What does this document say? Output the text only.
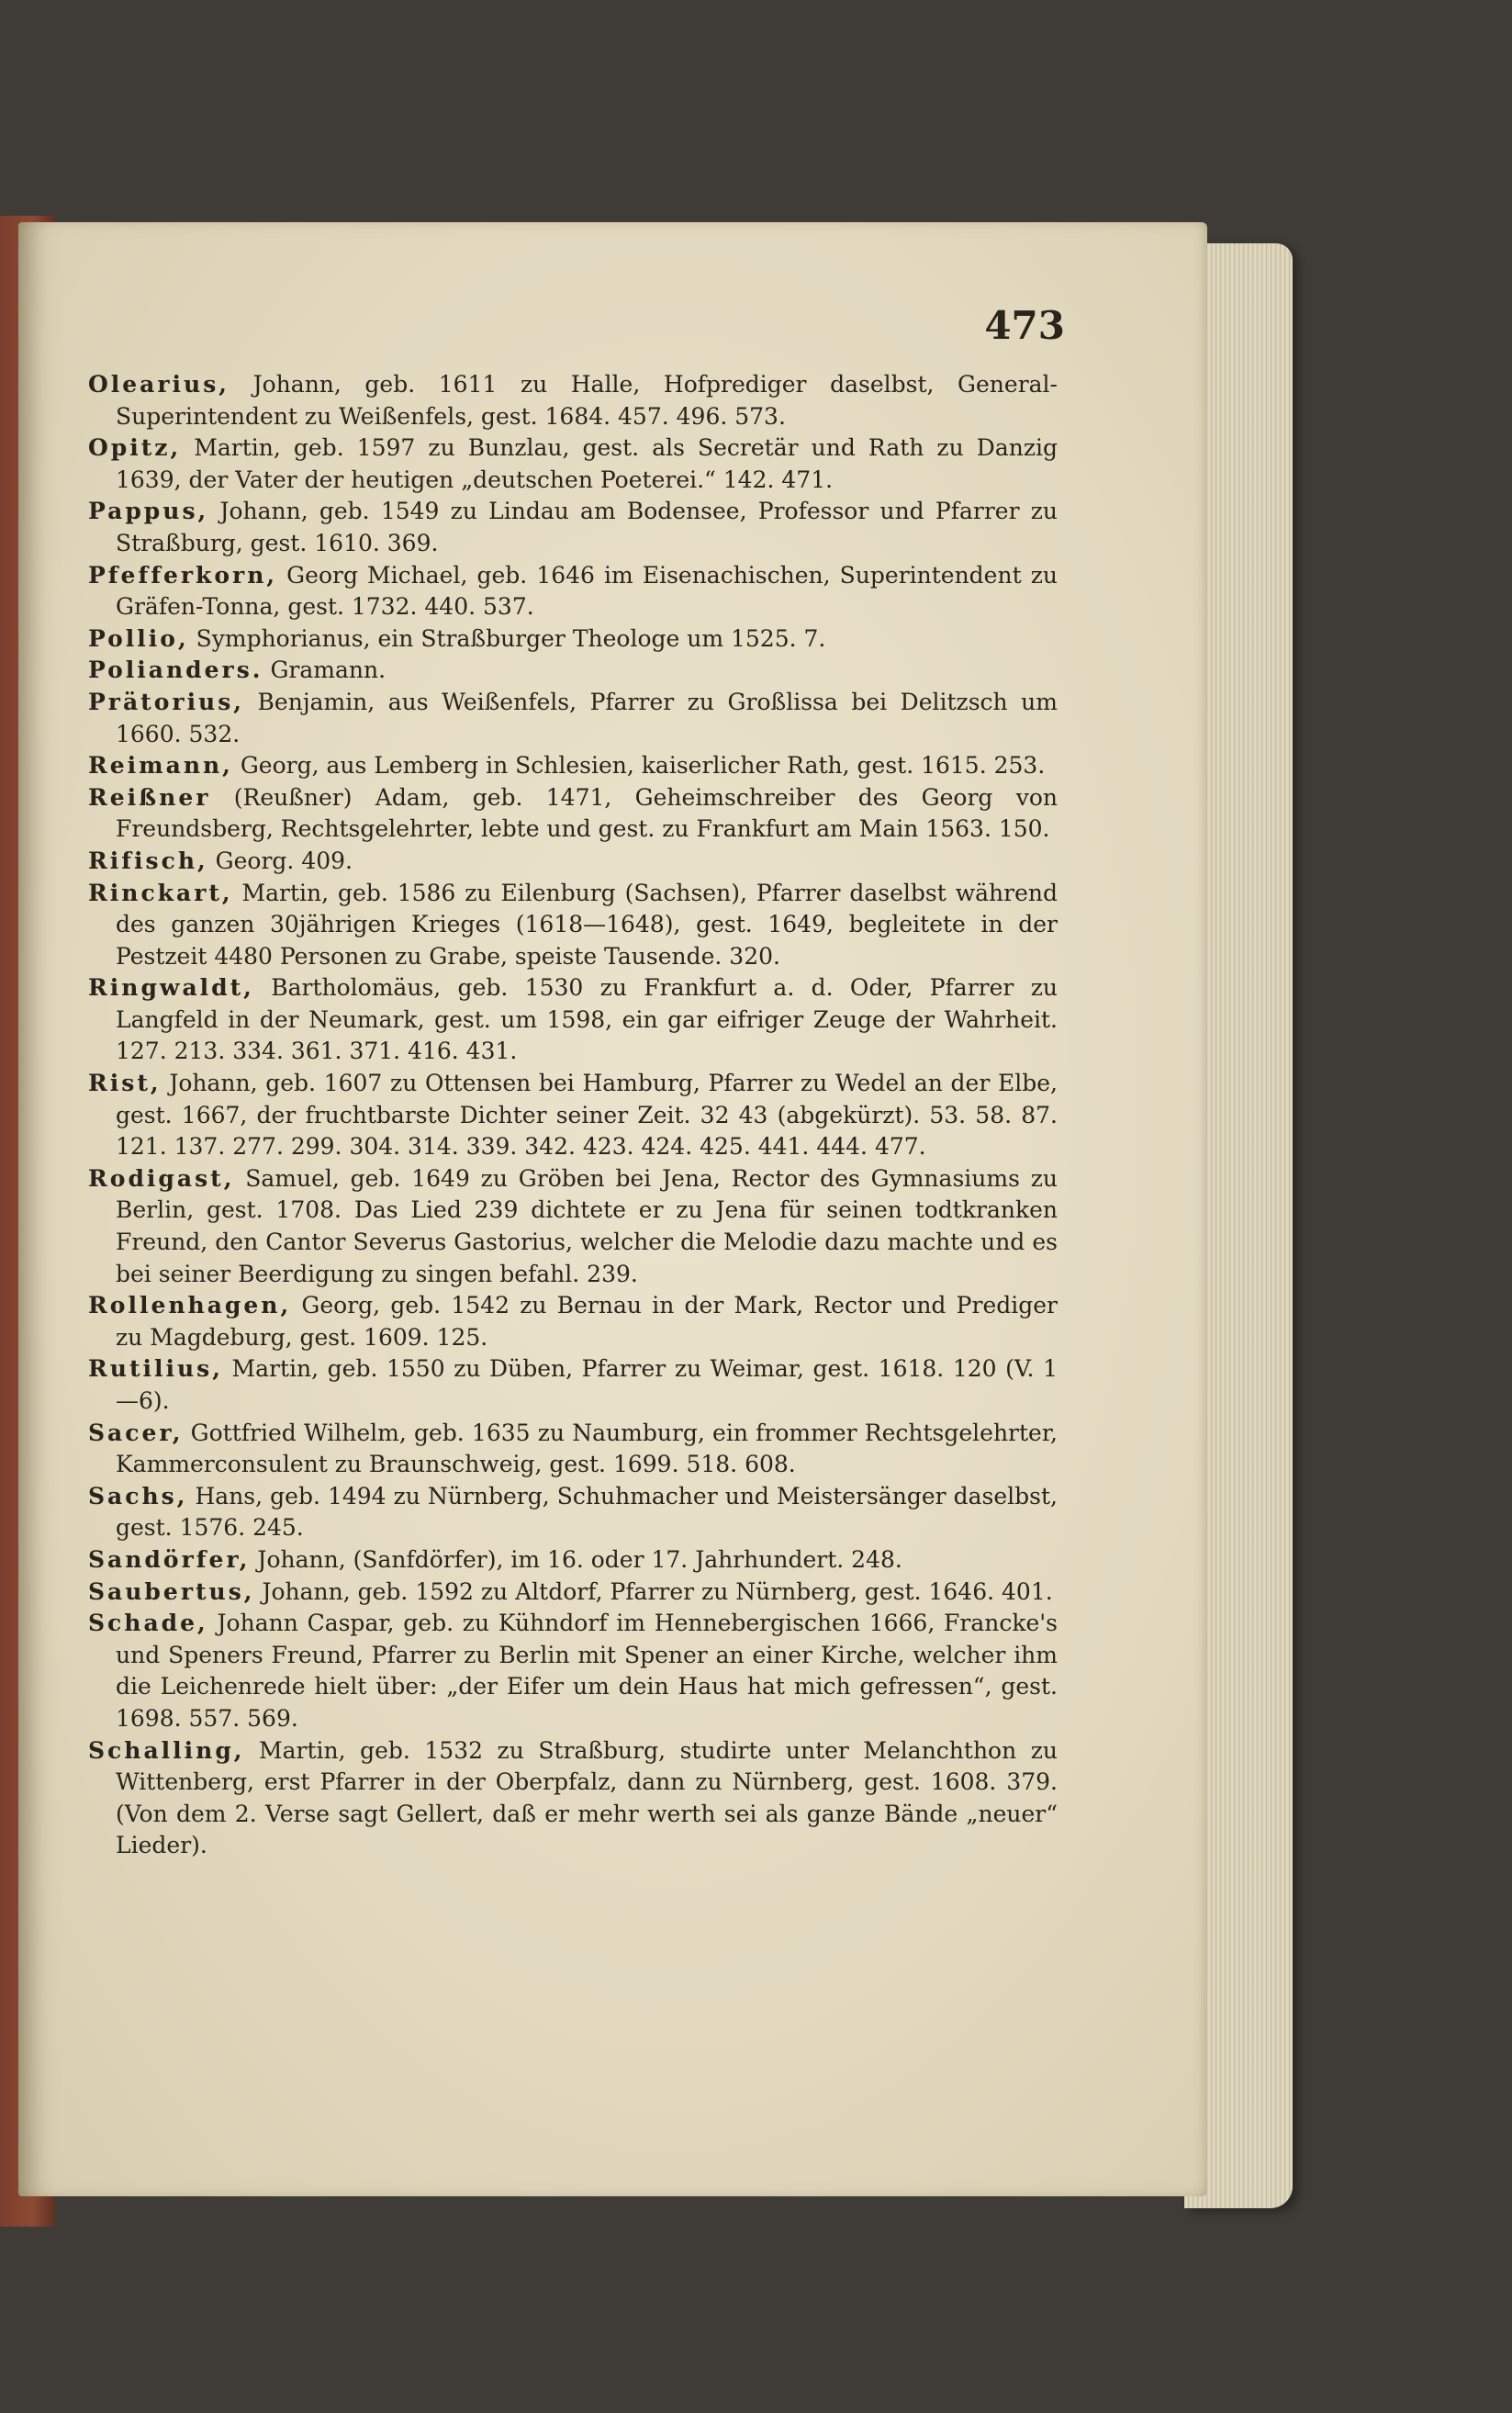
473

Olearius, Johann, geb. 1611 zu Halle, Hofprediger daselbst, General-Superintendent zu Weißenfels, gest. 1684. 457. 496. 573.

Opitz, Martin, geb. 1597 zu Bunzlau, gest. als Secretär und Rath zu Danzig 1639, der Vater der heutigen „deutschen Poeterei.“ 142. 471.

Pappus, Johann, geb. 1549 zu Lindau am Bodensee, Professor und Pfarrer zu Straßburg, gest. 1610. 369.

Pfefferkorn, Georg Michael, geb. 1646 im Eisenachischen, Superintendent zu Gräfen-Tonna, gest. 1732. 440. 537.

Pollio, Symphorianus, ein Straßburger Theologe um 1525. 7.

Polianders. Gramann.

Prätorius, Benjamin, aus Weißenfels, Pfarrer zu Großlissa bei Delitzsch um 1660. 532.

Reimann, Georg, aus Lemberg in Schlesien, kaiserlicher Rath, gest. 1615. 253.

Reißner (Reußner) Adam, geb. 1471, Geheimschreiber des Georg von Freundsberg, Rechtsgelehrter, lebte und gest. zu Frankfurt am Main 1563. 150.

Rifisch, Georg. 409.

Rinckart, Martin, geb. 1586 zu Eilenburg (Sachsen), Pfarrer daselbst während des ganzen 30jährigen Krieges (1618—1648), gest. 1649, begleitete in der Pestzeit 4480 Personen zu Grabe, speiste Tausende. 320.

Ringwaldt, Bartholomäus, geb. 1530 zu Frankfurt a. d. Oder, Pfarrer zu Langfeld in der Neumark, gest. um 1598, ein gar eifriger Zeuge der Wahrheit. 127. 213. 334. 361. 371. 416. 431.

Rist, Johann, geb. 1607 zu Ottensen bei Hamburg, Pfarrer zu Wedel an der Elbe, gest. 1667, der fruchtbarste Dichter seiner Zeit. 32 43 (abgekürzt). 53. 58. 87. 121. 137. 277. 299. 304. 314. 339. 342. 423. 424. 425. 441. 444. 477.

Rodigast, Samuel, geb. 1649 zu Gröben bei Jena, Rector des Gymnasiums zu Berlin, gest. 1708. Das Lied 239 dichtete er zu Jena für seinen todtkranken Freund, den Cantor Severus Gastorius, welcher die Melodie dazu machte und es bei seiner Beerdigung zu singen befahl. 239.

Rollenhagen, Georg, geb. 1542 zu Bernau in der Mark, Rector und Prediger zu Magdeburg, gest. 1609. 125.

Rutilius, Martin, geb. 1550 zu Düben, Pfarrer zu Weimar, gest. 1618. 120 (V. 1—6).

Sacer, Gottfried Wilhelm, geb. 1635 zu Naumburg, ein frommer Rechtsgelehrter, Kammerconsulent zu Braunschweig, gest. 1699. 518. 608.

Sachs, Hans, geb. 1494 zu Nürnberg, Schuhmacher und Meistersänger daselbst, gest. 1576. 245.

Sandörfer, Johann, (Sanfdörfer), im 16. oder 17. Jahrhundert. 248.

Saubertus, Johann, geb. 1592 zu Altdorf, Pfarrer zu Nürnberg, gest. 1646. 401.

Schade, Johann Caspar, geb. zu Kühndorf im Hennebergischen 1666, Francke's und Speners Freund, Pfarrer zu Berlin mit Spener an einer Kirche, welcher ihm die Leichenrede hielt über: „der Eifer um dein Haus hat mich gefressen“, gest. 1698. 557. 569.

Schalling, Martin, geb. 1532 zu Straßburg, studirte unter Melanchthon zu Wittenberg, erst Pfarrer in der Oberpfalz, dann zu Nürnberg, gest. 1608. 379. (Von dem 2. Verse sagt Gellert, daß er mehr werth sei als ganze Bände „neuer“ Lieder).
